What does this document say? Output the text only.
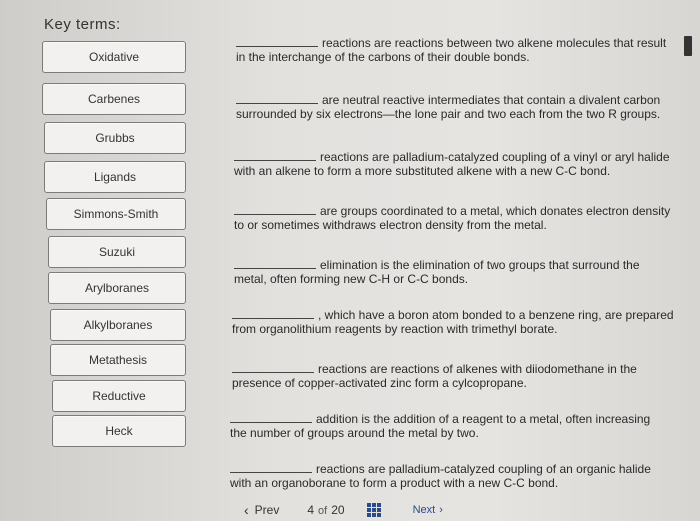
Key terms:
Oxidative
Carbenes
Grubbs
Ligands
Simmons-Smith
Suzuki
Arylboranes
Alkylboranes
Metathesis
Reductive
Heck
reactions are reactions between two alkene molecules that result
in the interchange of the carbons of their double bonds.
are neutral reactive intermediates that contain a divalent carbon
surrounded by six electrons—the lone pair and two each from the two R groups.
reactions are palladium-catalyzed coupling of a vinyl or aryl halide
with an alkene to form a more substituted alkene with a new C-C bond.
are groups coordinated to a metal, which donates electron density
to or sometimes withdraws electron density from the metal.
elimination is the elimination of two groups that surround the
metal, often forming new C-H or C-C bonds.
, which have a boron atom bonded to a benzene ring, are prepared
from organolithium reagents by reaction with trimethyl borate.
reactions are reactions of alkenes with diiodomethane in the
presence of copper-activated zinc form a cylcopropane.
addition is the addition of a reagent to a metal, often increasing
the number of groups around the metal by two.
reactions are palladium-catalyzed coupling of an organic halide
with an organoborane to form a product with a new C-C bond.
‹ Prev 4 of 20	Next ›
